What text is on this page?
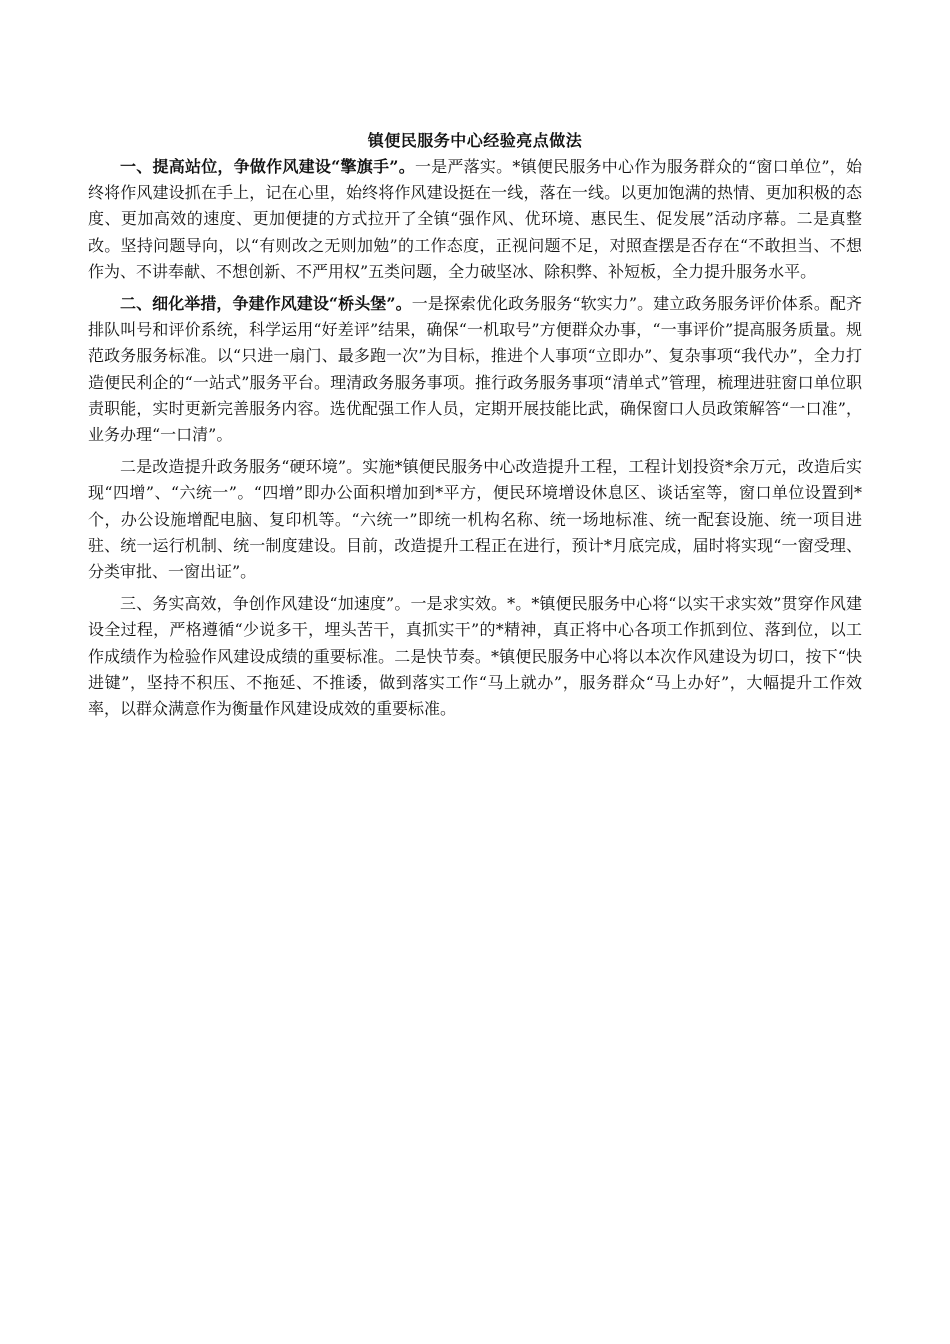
镇便民服务中心经验亮点做法

一、提高站位，争做作风建设“擎旗手”。一是严落实。*镇便民服务中心作为服务群众的“窗口单位”，始终将作风建设抓在手上，记在心里，始终将作风建设挺在一线，落在一线。以更加饱满的热情、更加积极的态度、更加高效的速度、更加便捷的方式拉开了全镇“强作风、优环境、惠民生、促发展”活动序幕。二是真整改。坚持问题导向，以“有则改之无则加勉”的工作态度，正视问题不足，对照查摆是否存在“不敢担当、不想作为、不讲奉献、不想创新、不严用权”五类问题，全力破坚冰、除积弊、补短板，全力提升服务水平。

二、细化举措，争建作风建设“桥头堡”。一是探索优化政务服务“软实力”。建立政务服务评价体系。配齐排队叫号和评价系统，科学运用“好差评”结果，确保“一机取号”方便群众办事，“一事评价”提高服务质量。规范政务服务标准。以“只进一扇门、最多跑一次”为目标，推进个人事项“立即办”、复杂事项“我代办”，全力打造便民利企的“一站式”服务平台。理清政务服务事项。推行政务服务事项“清单式”管理，梳理进驻窗口单位职责职能，实时更新完善服务内容。选优配强工作人员，定期开展技能比武，确保窗口人员政策解答“一口准”，业务办理“一口清”。

二是改造提升政务服务“硬环境”。实施*镇便民服务中心改造提升工程，工程计划投资*余万元，改造后实现“四增”、“六统一”。“四增”即办公面积增加到*平方，便民环境增设休息区、谈话室等，窗口单位设置到*个，办公设施增配电脑、复印机等。“六统一”即统一机构名称、统一场地标准、统一配套设施、统一项目进驻、统一运行机制、统一制度建设。目前，改造提升工程正在进行，预计*月底完成，届时将实现“一窗受理、分类审批、一窗出证”。

三、务实高效，争创作风建设“加速度”。一是求实效。*。*镇便民服务中心将“以实干求实效”贯穿作风建设全过程，严格遵循“少说多干，埋头苦干，真抓实干”的*精神，真正将中心各项工作抓到位、落到位，以工作成绩作为检验作风建设成绩的重要标准。二是快节奏。*镇便民服务中心将以本次作风建设为切口，按下“快进键”，坚持不积压、不拖延、不推诿，做到落实工作“马上就办”，服务群众“马上办好”，大幅提升工作效率，以群众满意作为衡量作风建设成效的重要标准。
